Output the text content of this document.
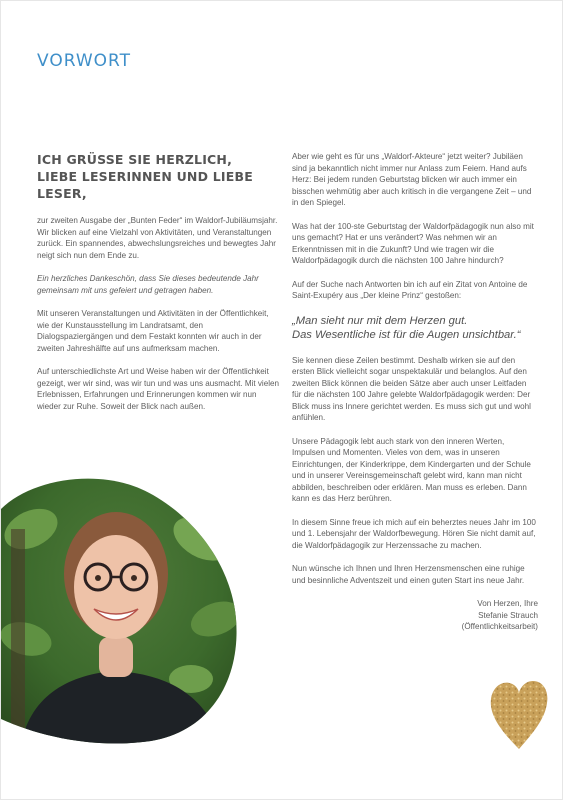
VORWORT
ICH GRÜSSE SIE HERZLICH,
LIEBE LESERINNEN UND LIEBE LESER,

zur zweiten Ausgabe der „Bunten Feder“ im Waldorf-Jubiläumsjahr. Wir blicken auf eine Vielzahl von Aktivitäten, und Veranstaltungen zurück. Ein spannendes, abwechslungsreiches und bewegtes Jahr neigt sich nun dem Ende zu.

Ein herzliches Dankeschön, dass Sie dieses bedeutende Jahr gemeinsam mit uns gefeiert und getragen haben.

Mit unseren Veranstaltungen und Aktivitäten in der Öffentlichkeit, wie der Kunstausstellung im Landratsamt, den Dialogspaziergängen und dem Festakt konnten wir auch in der zweiten Jahreshälfte auf uns aufmerksam machen.

Auf unterschiedlichste Art und Weise haben wir der Öffentlichkeit gezeigt, wer wir sind, was wir tun und was uns ausmacht. Mit vielen Erlebnissen, Erfahrungen und Erinnerungen kommen wir nun wieder zur Ruhe. Soweit der Blick nach außen.

Aber wie geht es für uns „Waldorf-Akteure“ jetzt weiter? Jubiläen sind ja bekanntlich nicht immer nur Anlass zum Feiern. Hand aufs Herz: Bei jedem runden Geburtstag blicken wir auch immer ein bisschen wehmütig aber auch kritisch in die vergangene Zeit – und in den Spiegel.

Was hat der 100-ste Geburtstag der Waldorfpädagogik nun also mit uns gemacht? Hat er uns verändert? Was nehmen wir an Erkenntnissen mit in die Zukunft? Und wie tragen wir die Waldorfpädagogik durch die nächsten 100 Jahre hindurch?

Auf der Suche nach Antworten bin ich auf ein Zitat von Antoine de Saint-Exupéry aus „Der kleine Prinz“ gestoßen:

„Man sieht nur mit dem Herzen gut.
Das Wesentliche ist für die Augen unsichtbar.“

Sie kennen diese Zeilen bestimmt. Deshalb wirken sie auf den ersten Blick vielleicht sogar unspektakulär und belanglos. Auf den zweiten Blick können die beiden Sätze aber auch unser Leitfaden für die nächsten 100 Jahre gelebte Waldorfpädagogik werden: Der Blick muss ins Innere gerichtet werden. Es muss sich gut und wohl anfühlen.

Unsere Pädagogik lebt auch stark von den inneren Werten, Impulsen und Momenten. Vieles von dem, was in unseren Einrichtungen, der Kinderkrippe, dem Kindergarten und der Schule und in unserer Vereinsgemeinschaft gelebt wird, kann man nicht abbilden, beschreiben oder erklären. Man muss es erleben. Dann kann es das Herz berühren.

In diesem Sinne freue ich mich auf ein beherztes neues Jahr im 100 und 1. Lebensjahr der Waldorfbewegung. Hören Sie nicht damit auf, die Waldorfpädagogik zur Herzenssache zu machen.

Nun wünsche ich Ihnen und Ihren Herzensmenschen eine ruhige und besinnliche Adventszeit und einen guten Start ins neue Jahr.

Von Herzen, Ihre
Stefanie Strauch
(Öffentlichkeitsarbeit)
